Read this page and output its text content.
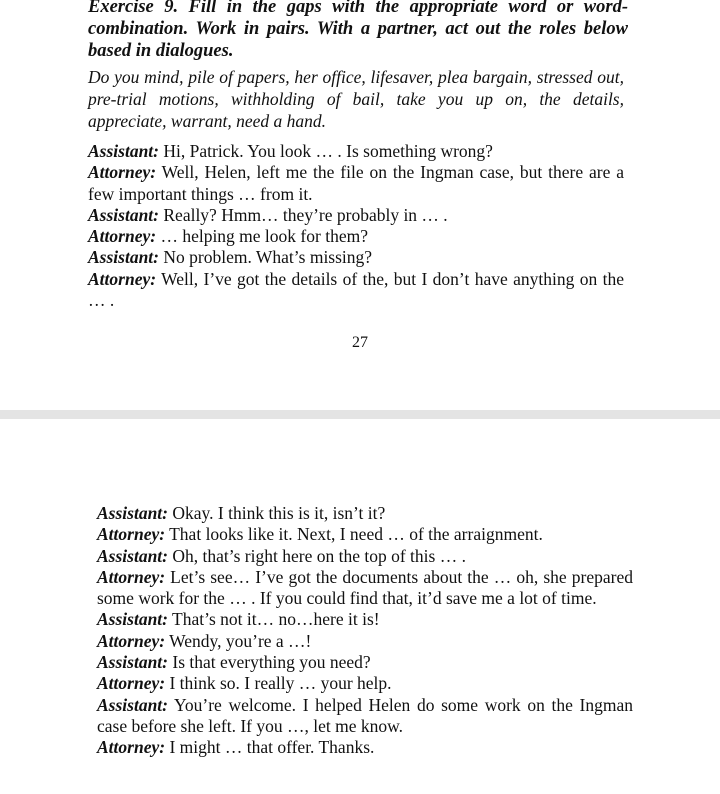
Exercise 9. Fill in the gaps with the appropriate word or word-combination. Work in pairs. With a partner, act out the roles below based in dialogues.

Do you mind, pile of papers, her office, lifesaver, plea bargain, stressed out, pre-trial motions, withholding of bail, take you up on, the details, appreciate, warrant, need a hand.

Assistant: Hi, Patrick. You look … . Is something wrong?

Attorney: Well, Helen, left me the file on the Ingman case, but there are a few important things … from it.

Assistant: Really? Hmm… they’re probably in … .

Attorney: … helping me look for them?

Assistant: No problem. What’s missing?

Attorney: Well, I’ve got the details of the, but I don’t have anything on the … .

27

Assistant: Okay. I think this is it, isn’t it?

Attorney: That looks like it. Next, I need … of the arraignment.

Assistant: Oh, that’s right here on the top of this … .

Attorney: Let’s see… I’ve got the documents about the … oh, she prepared some work for the … . If you could find that, it’d save me a lot of time.

Assistant: That’s not it… no…here it is!

Attorney: Wendy, you’re a …!

Assistant: Is that everything you need?

Attorney: I think so. I really … your help.

Assistant: You’re welcome. I helped Helen do some work on the Ingman case before she left. If you …, let me know.

Attorney: I might … that offer. Thanks.
